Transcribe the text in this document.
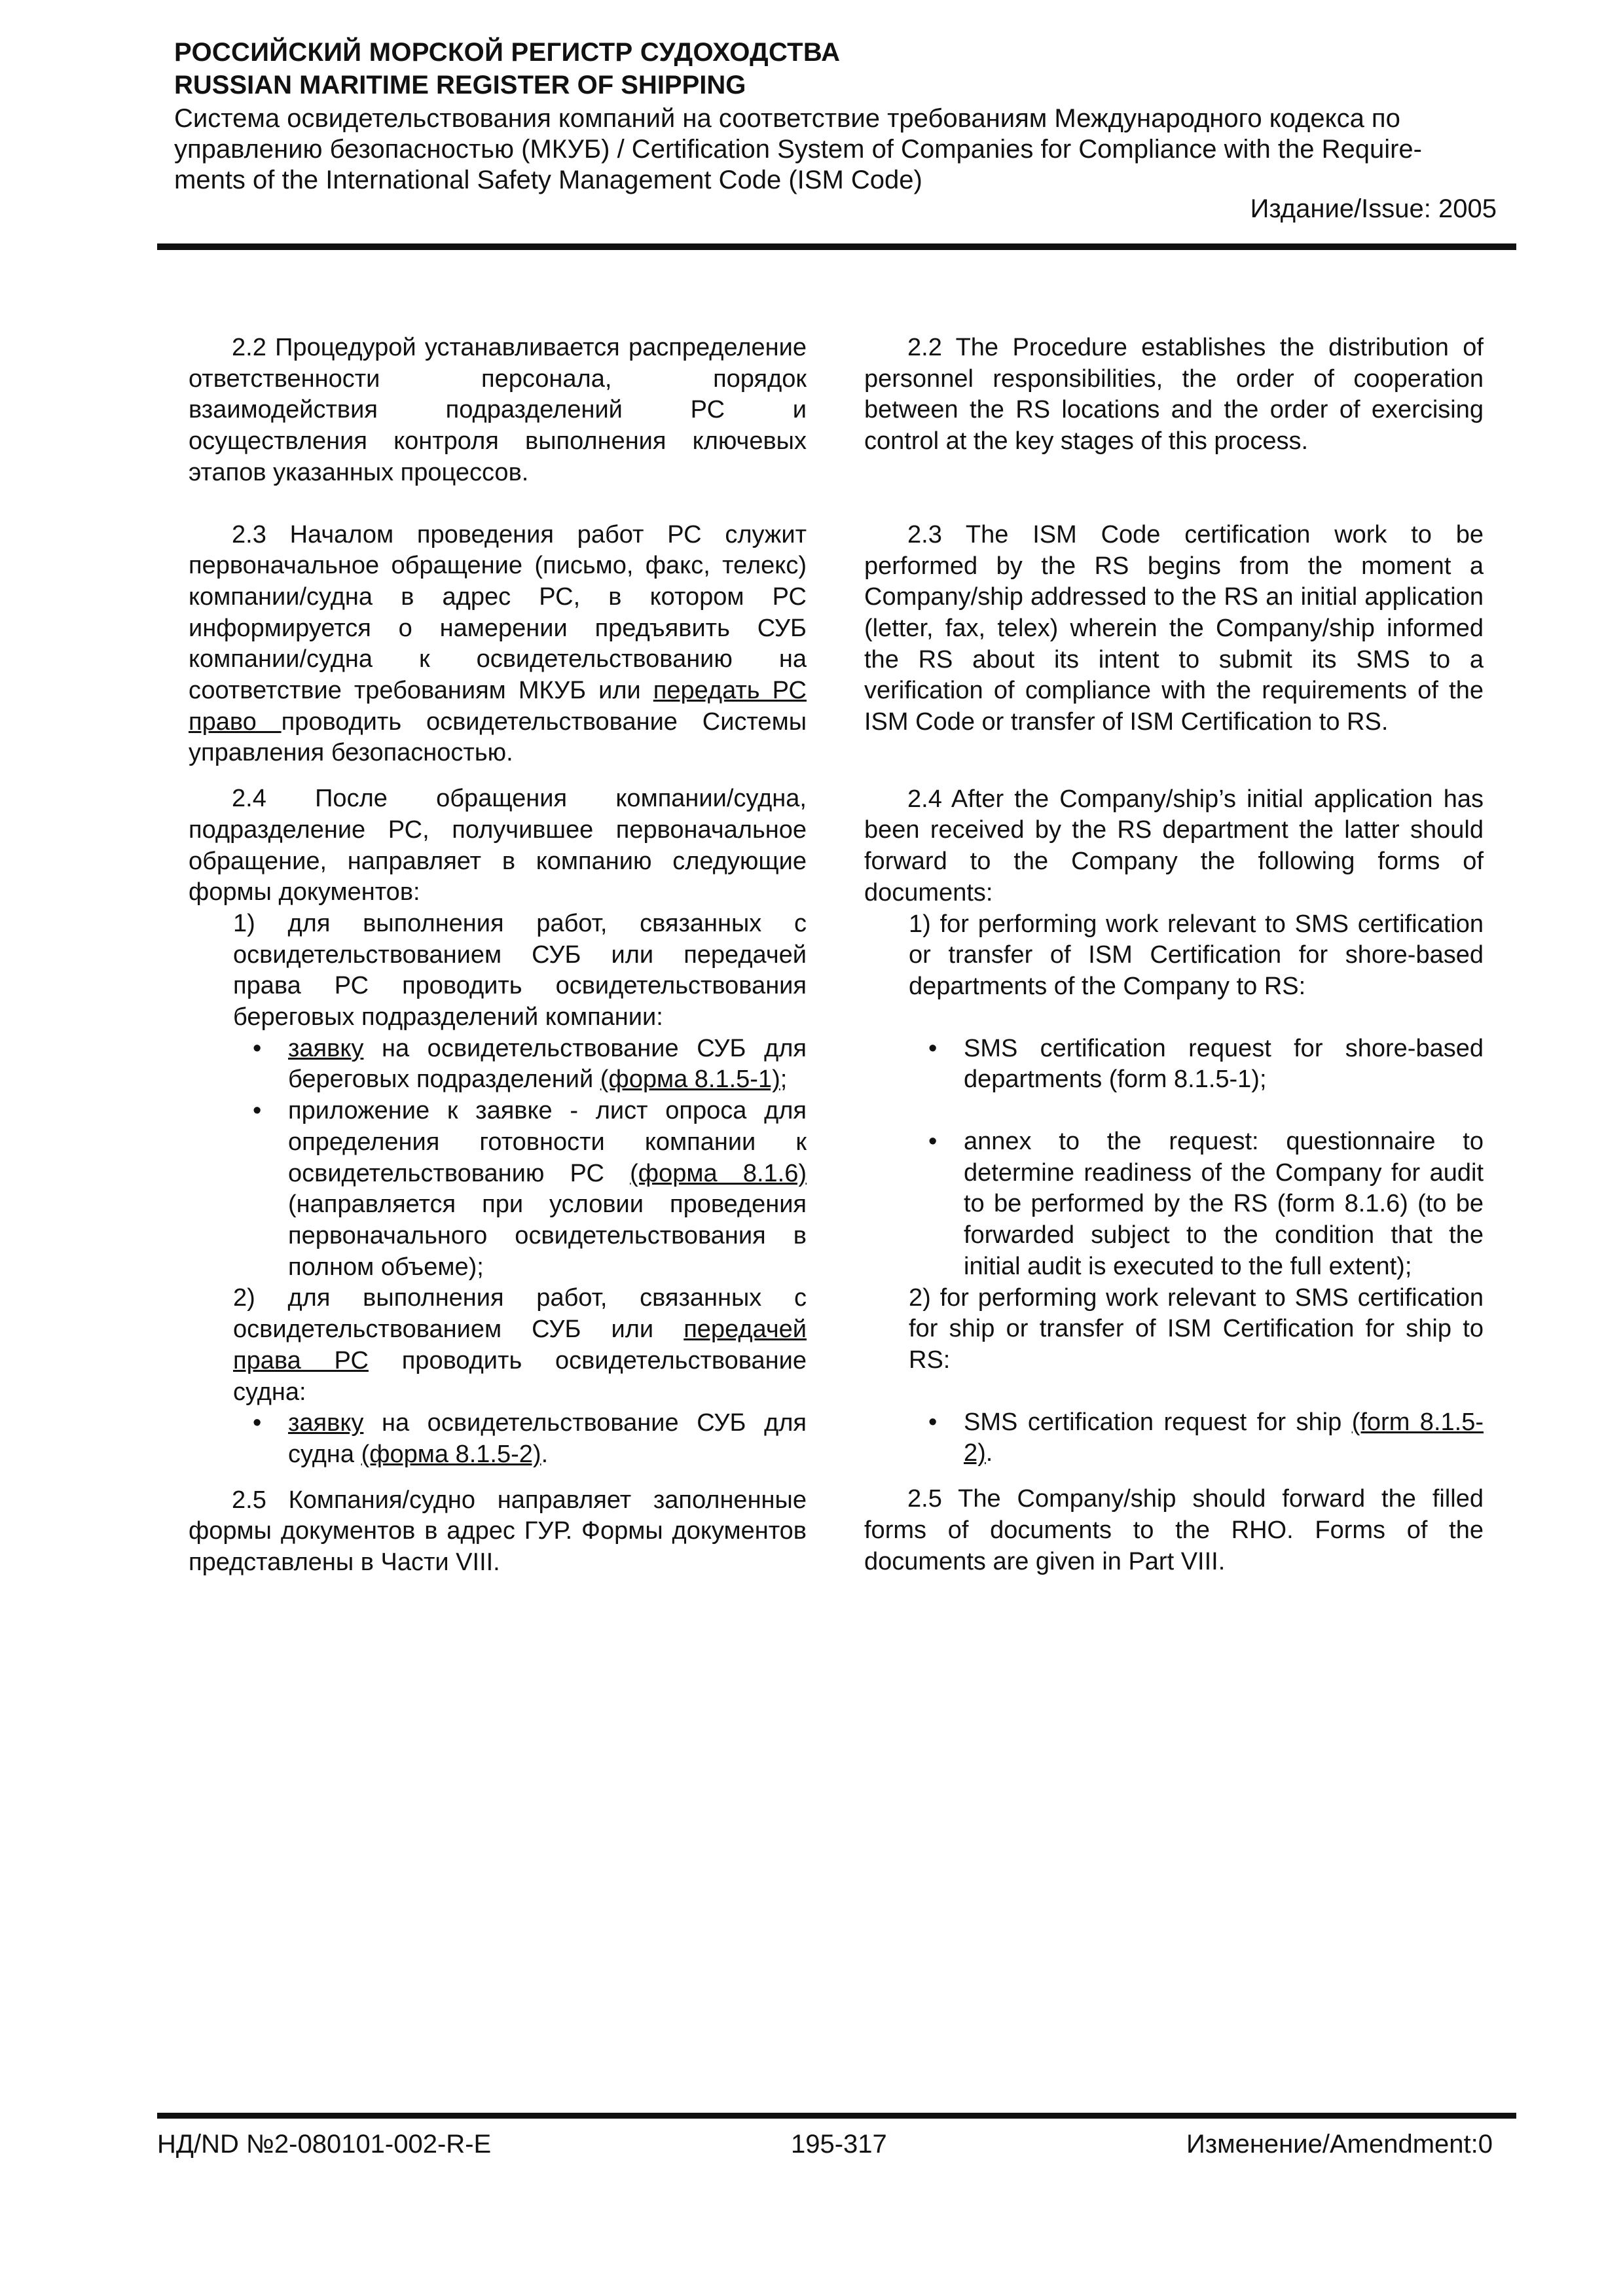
РОССИЙСКИЙ МОРСКОЙ РЕГИСТР СУДОХОДСТВА
RUSSIAN MARITIME REGISTER OF SHIPPING
Система освидетельствования компаний на соответствие требованиям Международного кодекса по
управлению безопасностью (МКУБ) / Certification System of Companies for Compliance with the Require-
ments of the International Safety Management Code (ISM Code)
Издание/Issue: 2005

2.2 Процедурой устанавливается распределение ответственности персонала, порядок взаимодействия подразделений РС и осуществления контроля выполнения ключевых этапов указанных процессов.

2.3 Началом проведения работ РС служит первоначальное обращение (письмо, факс, телекс) компании/судна в адрес РС, в котором РС информируется о намерении предъявить СУБ компании/судна к освидетельствованию на соответствие требованиям МКУБ или передать РС право проводить освидетельствование Системы управления безопасностью.

2.4 После обращения компании/судна, подразделение РС, получившее первоначальное обращение, направляет в компанию следующие формы документов:

1) для выполнения работ, связанных с освидетельствованием СУБ или передачей права РС проводить освидетельствования береговых подразделений компании:

• заявку на освидетельствование СУБ для береговых подразделений (форма 8.1.5-1);
• приложение к заявке - лист опроса для определения готовности компании к освидетельствованию РС (форма 8.1.6) (направляется при условии проведения первоначального освидетельствования в полном объеме);

2) для выполнения работ, связанных с освидетельствованием СУБ или передачей права РС проводить освидетельствование судна:

• заявку на освидетельствование СУБ для судна (форма 8.1.5-2).

2.5 Компания/судно направляет заполненные формы документов в адрес ГУР. Формы документов представлены в Части VIII.

2.2 The Procedure establishes the distribution of personnel responsibilities, the order of cooperation between the RS locations and the order of exercising control at the key stages of this process.

2.3 The ISM Code certification work to be performed by the RS begins from the moment a Company/ship addressed to the RS an initial application (letter, fax, telex) wherein the Company/ship informed the RS about its intent to submit its SMS to a verification of compliance with the requirements of the ISM Code or transfer of ISM Certification to RS.

2.4 After the Company/ship’s initial application has been received by the RS department the latter should forward to the Company the following forms of documents:

1) for performing work relevant to SMS certification or transfer of ISM Certification for shore-based departments of the Company to RS:

• SMS certification request for shore-based departments (form 8.1.5-1);
• annex to the request: questionnaire to determine readiness of the Company for audit to be performed by the RS (form 8.1.6) (to be forwarded subject to the condition that the initial audit is executed to the full extent);

2) for performing work relevant to SMS certification for ship or transfer of ISM Certification for ship to RS:

• SMS certification request for ship (form 8.1.5-2).

2.5 The Company/ship should forward the filled forms of documents to the RHO. Forms of the documents are given in Part VIII.

НД/ND №2-080101-002-R-E	195-317	Изменение/Amendment:0
